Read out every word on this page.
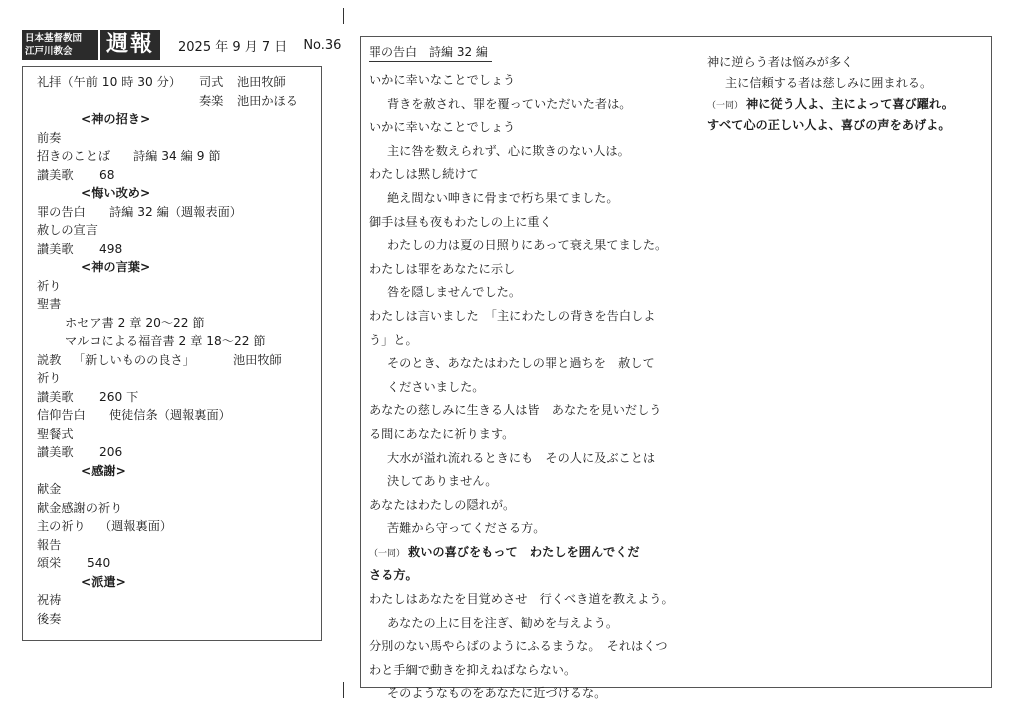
日本基督教団
江戸川教会	週報	2025 年 9 月 7 日 No.36
礼拝（午前 10 時 30 分） 司式 池田牧師
奏楽 池田かほる
<神の招き>
前奏
招きのことば 詩編 34 編 9 節
讃美歌 68
<悔い改め>
罪の告白 詩編 32 編（週報表面）
赦しの宣言
讃美歌 498
<神の言葉>
祈り
聖書
ホセア書 2 章 20～22 節
マルコによる福音書 2 章 18～22 節
説教 「新しいものの良さ」	池田牧師
祈り
讃美歌 260 下
信仰告白 使徒信条（週報裏面）
聖餐式
讃美歌 206
<感謝>
献金
献金感謝の祈り
主の祈り （週報裏面）
報告
頌栄 540
<派遣>
祝祷
後奏
罪の告白　詩編 32 編
いかに幸いなことでしょう
背きを赦され、罪を覆っていただいた者は。
いかに幸いなことでしょう
主に咎を数えられず、心に欺きのない人は。
わたしは黙し続けて
絶え間ない呻きに骨まで朽ち果てました。
御手は昼も夜もわたしの上に重く
わたしの力は夏の日照りにあって衰え果てました。
わたしは罪をあなたに示し
咎を隠しませんでした。
わたしは言いました　「主にわたしの背きを告白しよ
う」と。
そのとき、あなたはわたしの罪と過ちを　赦して
くださいました。
あなたの慈しみに生きる人は皆　あなたを見いだしう
る間にあなたに祈ります。
大水が溢れ流れるときにも　その人に及ぶことは
決してありません。
あなたはわたしの隠れが。
苦難から守ってくださる方。
（一同） 救いの喜びをもって　わたしを囲んでくだ
さる方。
わたしはあなたを目覚めさせ　行くべき道を教えよう。
あなたの上に目を注ぎ、勧めを与えよう。
分別のない馬やらばのようにふるまうな。　それはくつ
わと手綱で動きを抑えねばならない。
そのようなものをあなたに近づけるな。
神に逆らう者は悩みが多く
主に信頼する者は慈しみに囲まれる。
（一同） 神に従う人よ、主によって喜び躍れ。
すべて心の正しい人よ、喜びの声をあげよ。
